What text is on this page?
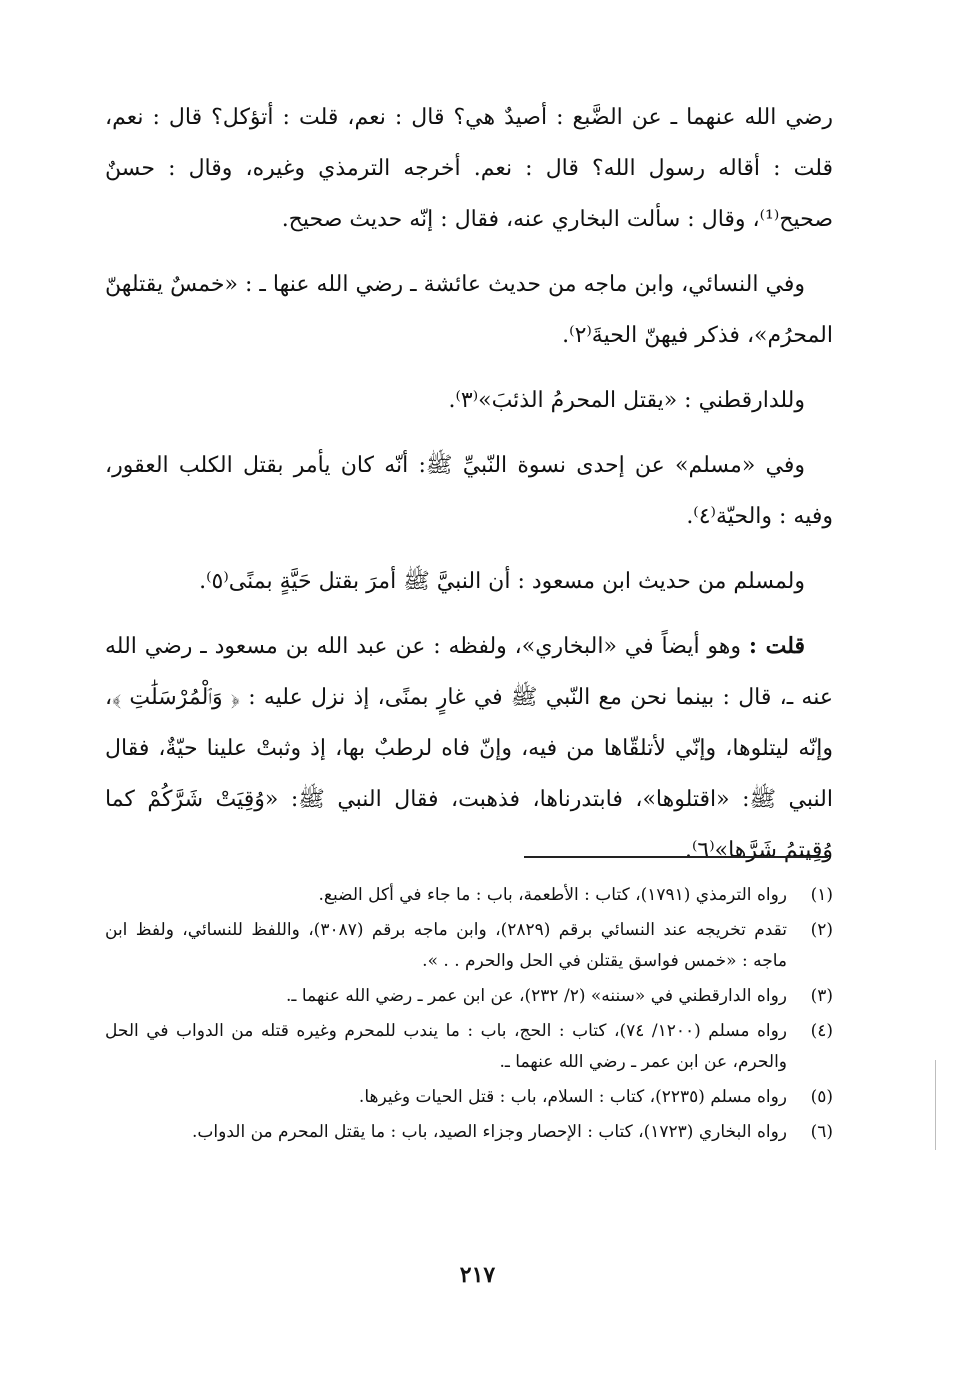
رضي الله عنهما ـ عن الضَّبع : أصيدٌ هي؟ قال : نعم، قلت : أتؤكل؟ قال : نعم، قلت : أقاله رسول الله؟ قال : نعم. أخرجه الترمذي وغيره، وقال : حسنٌ صحيح⁽¹⁾، وقال : سألت البخاري عنه، فقال : إنّه حديث صحيح.

وفي النسائي، وابن ماجه من حديث عائشة ـ رضي الله عنها ـ : «خمسٌ يقتلهنّ المحرُم»، فذكر فيهنّ الحيةَ⁽٢⁾.

وللدارقطني : «يقتل المحرمُ الذئبَ»⁽٣⁾.

وفي «مسلم» عن إحدى نسوة النّبيِّ ﷺ: أنّه كان يأمر بقتل الكلب العقور، وفيه : والحيّة⁽٤⁾.

ولمسلم من حديث ابن مسعود : أن النبيَّ ﷺ أمرَ بقتل حَيَّةٍ بمنًى⁽٥⁾.

قلت : وهو أيضاً في «البخاري»، ولفظه : عن عبد الله بن مسعود ـ رضي الله عنه ـ، قال : بينما نحن مع النّبي ﷺ في غارٍ بمنًى، إذ نزل عليه : ﴿ وَٱلْمُرْسَلَٰتِ ﴾، وإنّه ليتلوها، وإنّي لأتلقّاها من فيه، وإنّ فاه لرطبٌ بها، إذ وثبتْ علينا حيّةٌ، فقال النبي ﷺ: «اقتلوها»، فابتدرناها، فذهبت، فقال النبي ﷺ: «وُقِيَتْ شَرَّكُمْ كما وُقِيتمُ شَرَّها»⁽٦⁾.

(١)
رواه الترمذي (١٧٩١)، كتاب : الأطعمة، باب : ما جاء في أكل الضبع.
(٢)
تقدم تخريجه عند النسائي برقم (٢٨٢٩)، وابن ماجه برقم (٣٠٨٧)، واللفظ للنسائي، ولفظ ابن ماجه : «خمس فواسق يقتلن في الحل والحرم . . ».
(٣)
رواه الدارقطني في «سننه» (٢/ ٢٣٢)، عن ابن عمر ـ رضي الله عنهما ـ.
(٤)
رواه مسلم (١٢٠٠/ ٧٤)، كتاب : الحج، باب : ما يندب للمحرم وغيره قتله من الدواب في الحل والحرم، عن ابن عمر ـ رضي الله عنهما ـ.
(٥)
رواه مسلم (٢٢٣٥)، كتاب : السلام، باب : قتل الحيات وغيرها.
(٦)
رواه البخاري (١٧٢٣)، كتاب : الإحصار وجزاء الصيد، باب : ما يقتل المحرم من الدواب.
٢١٧
